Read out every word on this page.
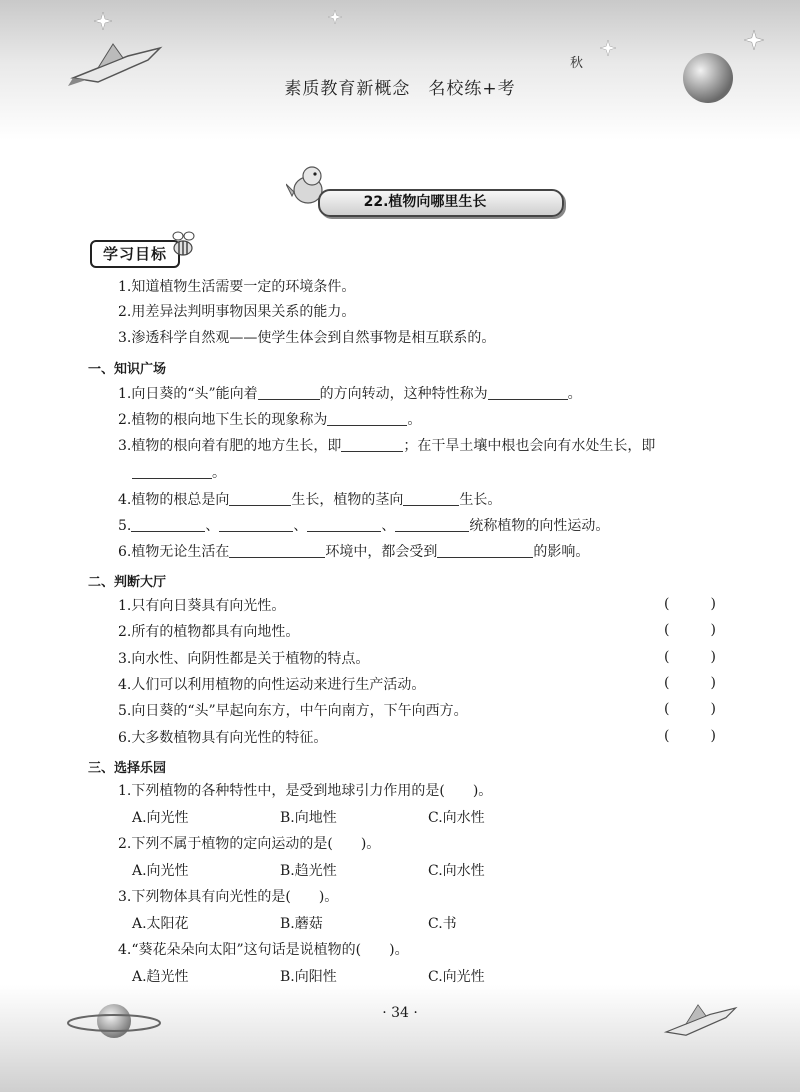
秋
素质教育新概念　名校练+考
22.植物向哪里生长
学习目标
1.知道植物生活需要一定的环境条件。
2.用差异法判明事物因果关系的能力。
3.渗透科学自然观——使学生体会到自然事物是相互联系的。
一、知识广场
1.向日葵的“头”能向着	的方向转动，这种特性称为	。
2.植物的根向地下生长的现象称为	。
3.植物的根向着有肥的地方生长，即	；在干旱土壤中根也会向有水处生长，即
。
4.植物的根总是向	生长，植物的茎向	生长。
5.	、	、	、	统称植物的向性运动。
6.植物无论生活在	环境中，都会受到	的影响。
二、判断大厅
1.只有向日葵具有向光性。	(	)
2.所有的植物都具有向地性。	(	)
3.向水性、向阴性都是关于植物的特点。	(	)
4.人们可以利用植物的向性运动来进行生产活动。	(	)
5.向日葵的“头”早起向东方，中午向南方，下午向西方。	(	)
6.大多数植物具有向光性的特征。	(	)
三、选择乐园
1.下列植物的各种特性中，是受到地球引力作用的是(　　)。
A.向光性	B.向地性	C.向水性
2.下列不属于植物的定向运动的是(　　)。
A.向光性	B.趋光性	C.向水性
3.下列物体具有向光性的是(　　)。
A.太阳花	B.蘑菇	C.书
4.“葵花朵朵向太阳”这句话是说植物的(　　)。
A.趋光性	B.向阳性	C.向光性
· 34 ·
